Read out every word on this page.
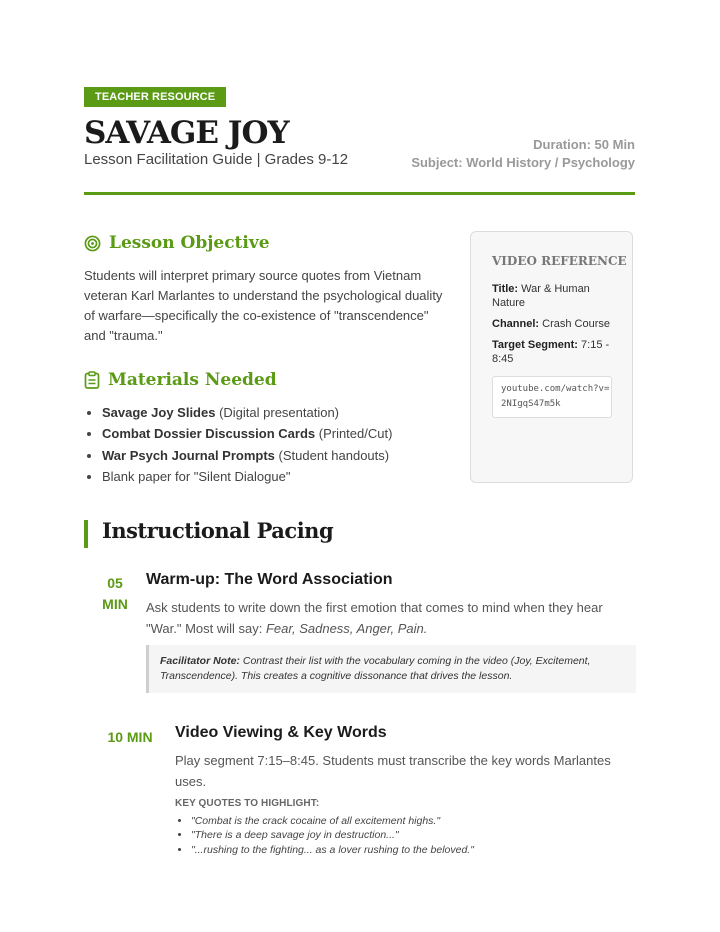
TEACHER RESOURCE
SAVAGE JOY
Lesson Facilitation Guide | Grades 9-12
Duration: 50 Min
Subject: World History / Psychology
Lesson Objective

Students will interpret primary source quotes from Vietnam veteran Karl Marlantes to understand the psychological duality of warfare—specifically the co-existence of "transcendence" and "trauma."

Materials Needed
• Savage Joy Slides (Digital presentation)
• Combat Dossier Discussion Cards (Printed/Cut)
• War Psych Journal Prompts (Student handouts)
• Blank paper for "Silent Dialogue"
VIDEO REFERENCE
Title: War & Human Nature
Channel: Crash Course
Target Segment: 7:15 - 8:45
youtube.com/watch?v=2NIgqS47m5k
Instructional Pacing
05
MIN
Warm-up: The Word Association

Ask students to write down the first emotion that comes to mind when they hear "War." Most will say: Fear, Sadness, Anger, Pain.

Facilitator Note: Contrast their list with the vocabulary coming in the video (Joy, Excitement, Transcendence). This creates a cognitive dissonance that drives the lesson.
10 MIN	Video Viewing & Key Words

Play segment 7:15–8:45. Students must transcribe the key words Marlantes uses.

KEY QUOTES TO HIGHLIGHT:
• "Combat is the crack cocaine of all excitement highs."
• "There is a deep savage joy in destruction..."
• "...rushing to the fighting... as a lover rushing to the beloved."
